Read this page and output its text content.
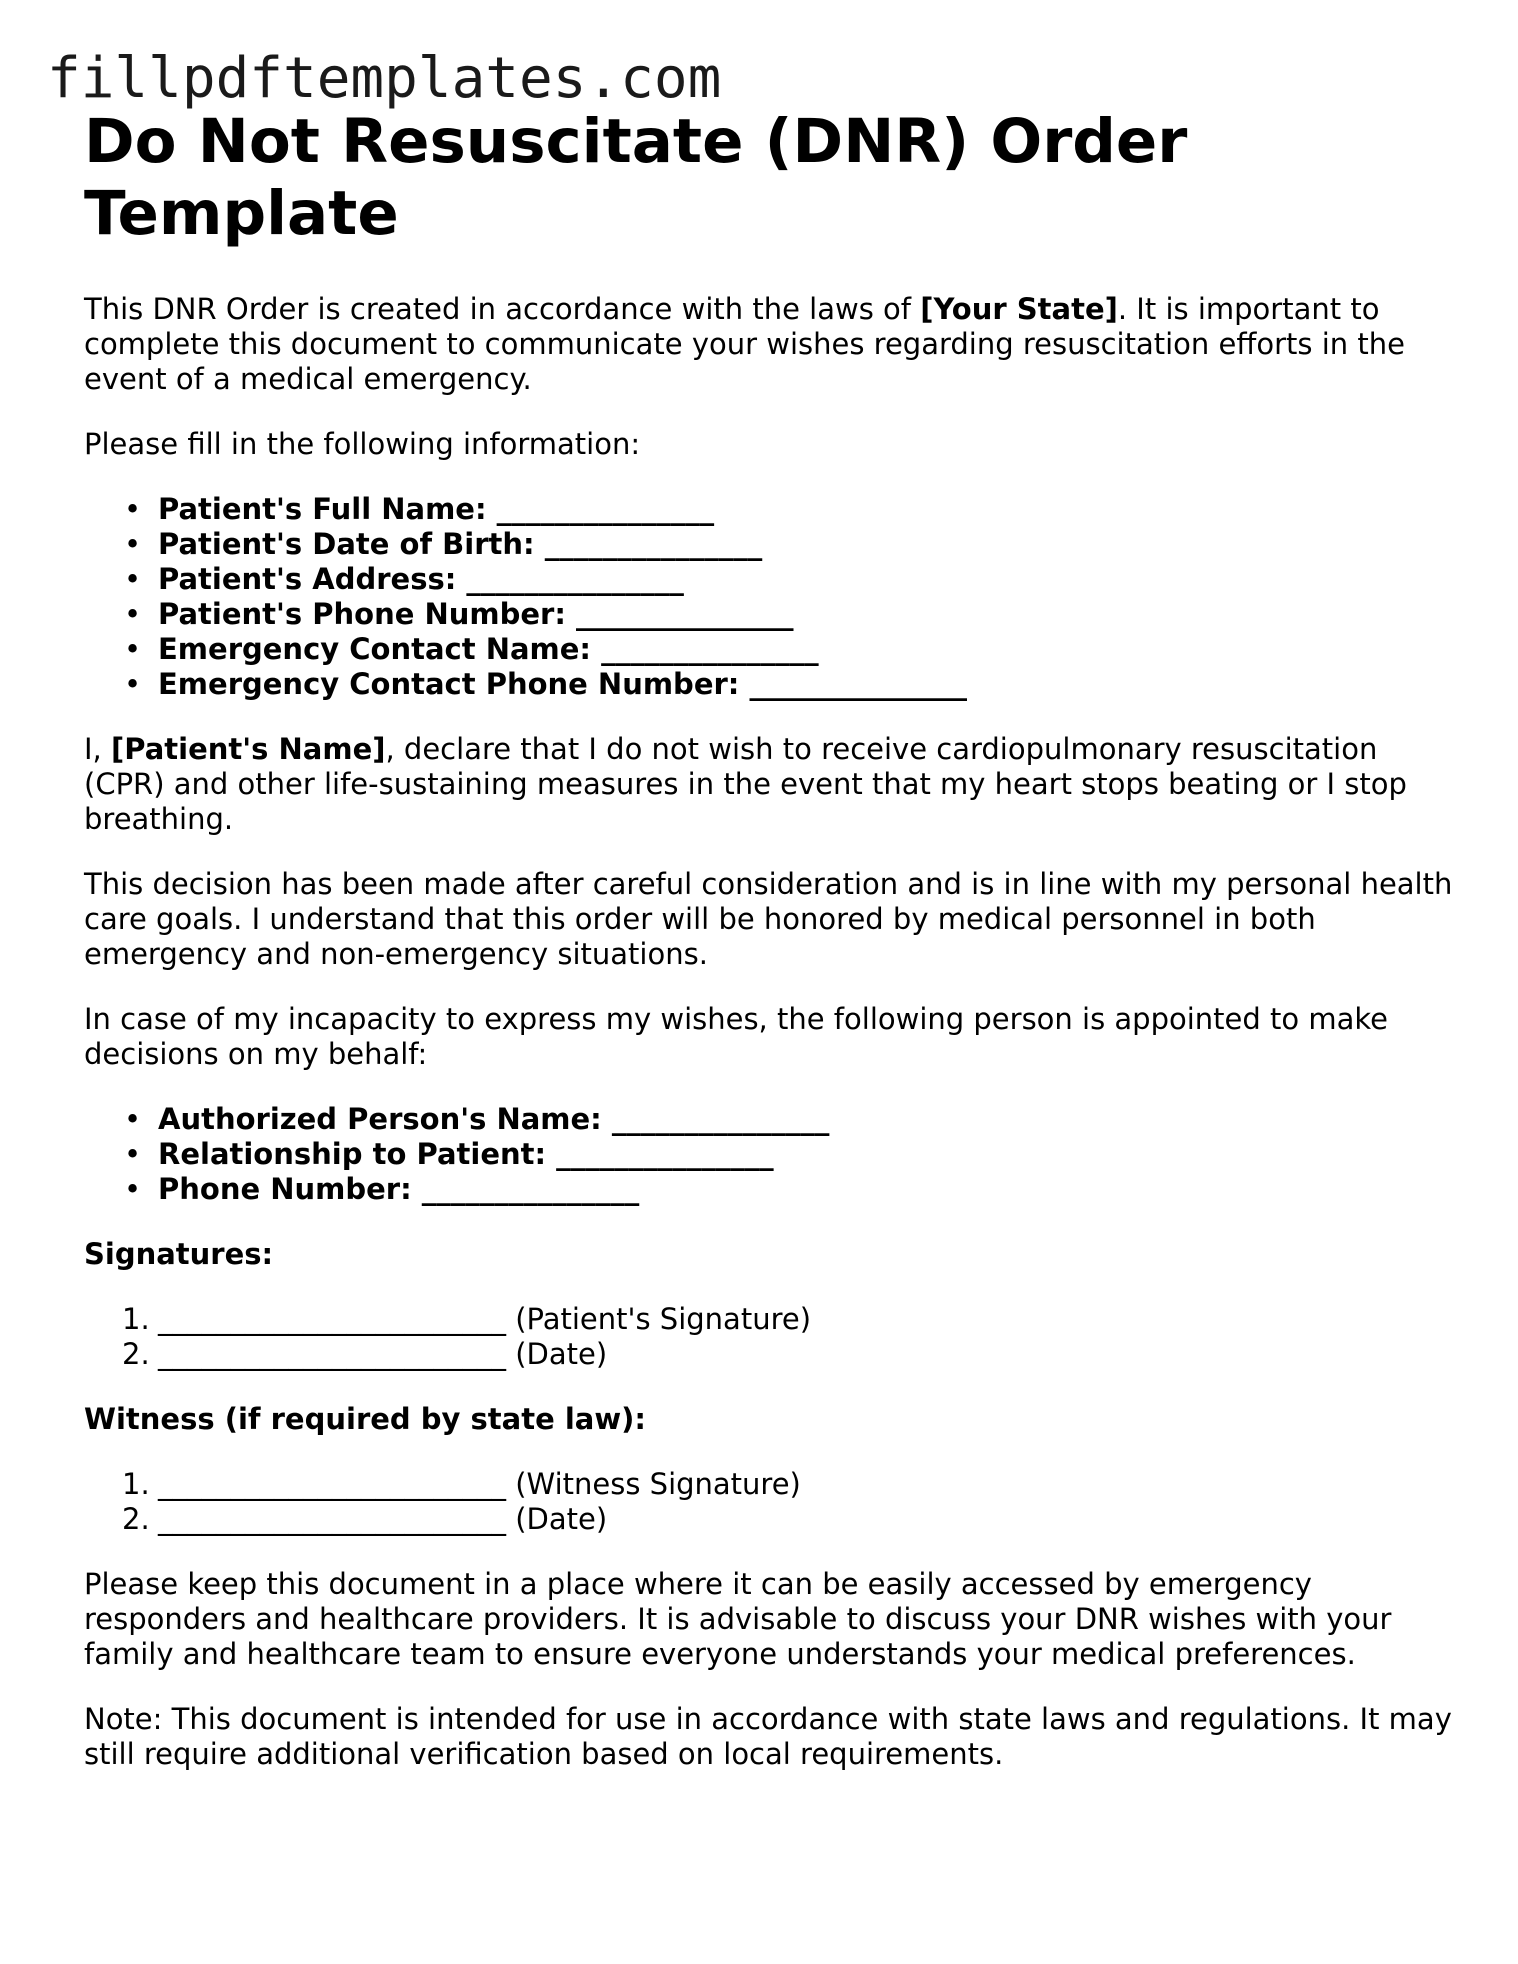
fillpdftemplates.com
Do Not Resuscitate (DNR) Order Template

This DNR Order is created in accordance with the laws of [Your State]. It is important to complete this document to communicate your wishes regarding resuscitation efforts in the event of a medical emergency.

Please fill in the following information:

• Patient's Full Name: _______________
• Patient's Date of Birth: _______________
• Patient's Address: _______________
• Patient's Phone Number: _______________
• Emergency Contact Name: _______________
• Emergency Contact Phone Number: _______________

I, [Patient's Name], declare that I do not wish to receive cardiopulmonary resuscitation (CPR) and other life-sustaining measures in the event that my heart stops beating or I stop breathing.

This decision has been made after careful consideration and is in line with my personal health care goals. I understand that this order will be honored by medical personnel in both emergency and non-emergency situations.

In case of my incapacity to express my wishes, the following person is appointed to make decisions on my behalf:

• Authorized Person's Name: _______________
• Relationship to Patient: _______________
• Phone Number: _______________

Signatures:

1. ________________________ (Patient's Signature)
2. ________________________ (Date)

Witness (if required by state law):

1. ________________________ (Witness Signature)
2. ________________________ (Date)

Please keep this document in a place where it can be easily accessed by emergency responders and healthcare providers. It is advisable to discuss your DNR wishes with your family and healthcare team to ensure everyone understands your medical preferences.

Note: This document is intended for use in accordance with state laws and regulations. It may still require additional verification based on local requirements.
